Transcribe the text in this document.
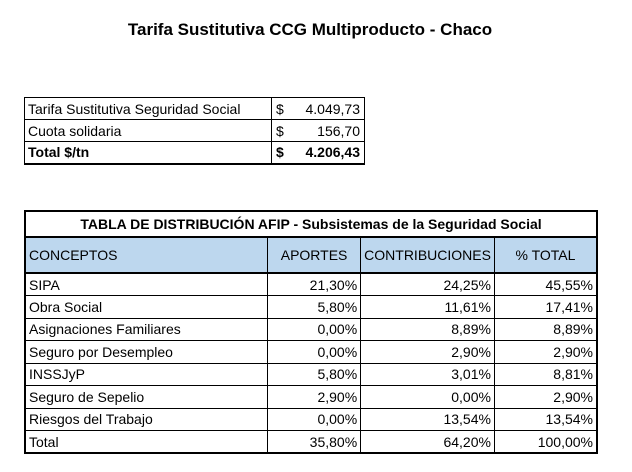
Tarifa Sustitutiva CCG Multiproducto - Chaco
Tarifa Sustitutiva Seguridad Social	$ 4.049,73

Cuota solidaria	$ 156,70

Total $/tn	$ 4.206,43
TABLA DE DISTRIBUCIÓN AFIP - Subsistemas de la Seguridad Social			
CONCEPTOS	APORTES	CONTRIBUCIONES	% TOTAL
SIPA	21,30%	24,25%	45,55%
Obra Social	5,80%	11,61%	17,41%
Asignaciones Familiares	0,00%	8,89%	8,89%
Seguro por Desempleo	0,00%	2,90%	2,90%
INSSJyP	5,80%	3,01%	8,81%
Seguro de Sepelio	2,90%	0,00%	2,90%
Riesgos del Trabajo	0,00%	13,54%	13,54%
Total	35,80%	64,20%	100,00%
